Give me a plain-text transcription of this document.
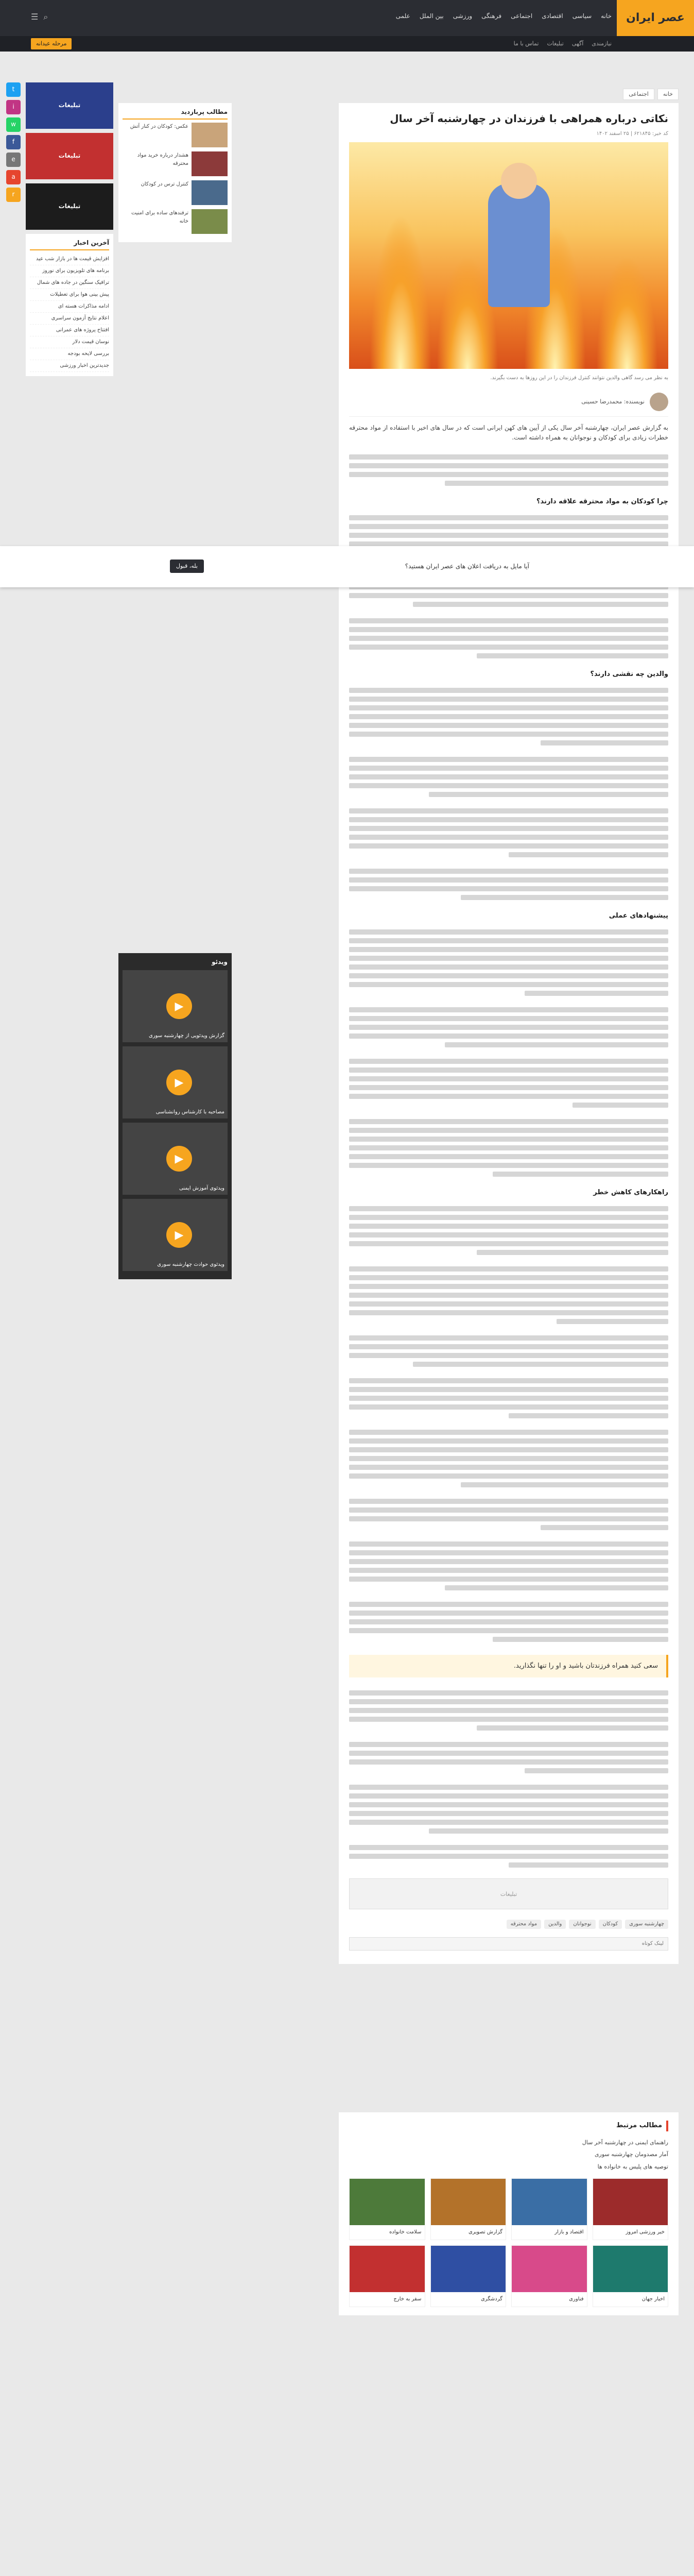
عصر ایران
خانه
سیاسی
اقتصادی
اجتماعی
فرهنگی
ورزشی
بین الملل
علمی
⌕
☰
نیازمندی
آگهی
تبلیغات
تماس با ما
مرحله عیدانه
t
i
w
f
e
a
r
خانه
اجتماعی
نکاتی درباره همراهی با فرزندان در چهارشنبه آخر سال
کد خبر: ۶۲۱۸۴۵ | ۲۵ اسفند ۱۴۰۲
به نظر می رسد گاهی والدین نتوانند کنترل فرزندان را در این روزها به دست بگیرند.
نویسنده: محمدرضا حسینی
به گزارش عصر ایران، چهارشنبه آخر سال یکی از آیین های کهن ایرانی است که در سال های اخیر با استفاده از مواد محترقه خطرات زیادی برای کودکان و نوجوانان به همراه داشته است.
چرا کودکان به مواد محترقه علاقه دارند؟
والدین چه نقشی دارند؟
پیشنهادهای عملی
راهکارهای کاهش خطر
سعی کنید همراه فرزندتان باشید و او را تنها نگذارید.
تبلیغات
چهارشنبه سوری
کودکان
نوجوانان
والدین
مواد محترقه
لینک کوتاه
مطالب مرتبط
راهنمای ایمنی در چهارشنبه آخر سال
آمار مصدومان چهارشنبه سوری
توصیه های پلیس به خانواده ها
خبر ورزشی امروز
اقتصاد و بازار
گزارش تصویری
سلامت خانواده
اخبار جهان
فناوری
گردشگری
سفر به خارج
مطالب پربازدید
عکس: کودکان در کنار آتش
هشدار درباره خرید مواد محترقه
کنترل ترس در کودکان
ترفندهای ساده برای امنیت خانه
ویدئو
▶
گزارش ویدئویی از چهارشنبه سوری
▶
مصاحبه با کارشناس روانشناسی
▶
ویدئوی آموزش ایمنی
▶
ویدئوی حوادث چهارشنبه سوری
تبلیغات
تبلیغات
تبلیغات
آخرین اخبار
افزایش قیمت ها در بازار شب عید
برنامه های تلویزیون برای نوروز
ترافیک سنگین در جاده های شمال
پیش بینی هوا برای تعطیلات
ادامه مذاکرات هسته ای
اعلام نتایج آزمون سراسری
افتتاح پروژه های عمرانی
نوسان قیمت دلار
بررسی لایحه بودجه
جدیدترین اخبار ورزشی
آیا مایل به دریافت اعلان های عصر ایران هستید؟
بله، قبول
